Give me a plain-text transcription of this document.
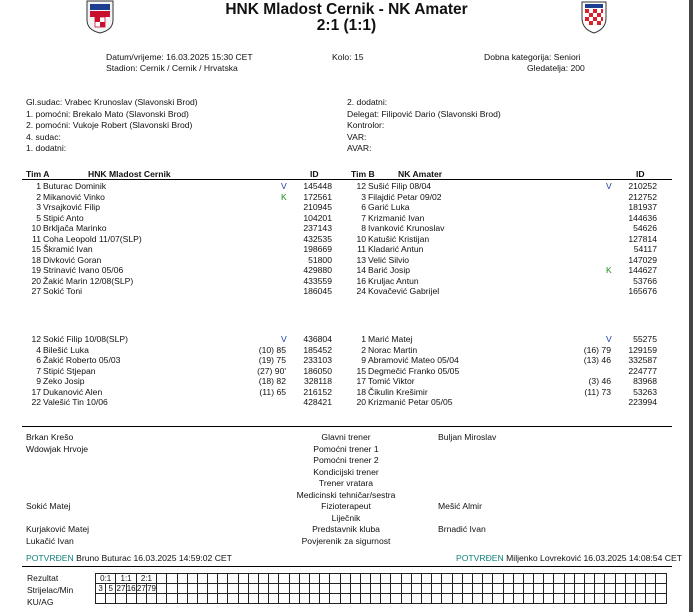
HNK Mladost Cernik - NK Amater
2:1 (1:1)
Datum/vrijeme: 16.03.2025 15:30 CET
Stadion: Cernik / Cernik / Hrvatska
Kolo: 15	Dobna kategorija: Seniori
Gledatelja: 200
Gl.sudac: Vrabec Krunoslav (Slavonski Brod)
1. pomoćni: Brekalo Mato (Slavonski Brod)
2. pomoćni: Vukoje Robert (Slavonski Brod)
4. sudac:
1. dodatni:
2. dodatni:
Delegat: Filipović Dario (Slavonski Brod)
Kontrolor:
VAR:
AVAR:
Tim A	HNK Mladost Cernik	ID	Tim B	NK Amater	ID
1 Buturac Dominik	V	145448
2 Mikanović Vinko	K	172561
3 Vrsajković Filip	210945
5 Stipić Anto	104201
10 Brkljača Marinko	237143
11 Coha Leopold 11/07(SLP)	432535
15 Škramić Ivan	198669
18 Divković Goran	51800
19 Strinavić Ivano 05/06	429880
20 Žakić Marin 12/08(SLP)	433559
27 Sokić Toni	186045
12 Sušić Filip 08/04	V	210252
3 Filajdić Petar 09/02	212752
6 Garić Luka	181937
7 Krizmanić Ivan	144636
8 Ivanković Krunoslav	54626
10 Katušić Kristijan	127814
11 Kladarić Antun	54117
13 Velić Silvio	147029
14 Barić Josip	K	144627
16 Kruljac Antun	53766
24 Kovačević Gabrijel	165676
12 Sokić Filip 10/08(SLP)	V	436804
4 Bilešić Luka	(10) 85	185452
6 Žakić Roberto 05/03	(19) 75	233103
7 Stipić Stjepan	(27) 90'	186050
9 Zeko Josip	(18) 82	328118
17 Dukanović Alen	(11) 65	216152
22 Valešić Tin 10/06	428421
1 Marić Matej	V	55275
2 Norac Martin	(16) 79	129159
9 Abramović Mateo 05/04	(13) 46	332587
15 Degmečić Franko 05/05	224777
17 Tomić Viktor	(3) 46	83968
18 Čikulin Krešimir	(11) 73	53263
20 Krizmanić Petar 05/05	223994
Brkan Krešo	Glavni trener	Buljan Miroslav
Wdowjak Hrvoje	Pomoćni trener 1
Pomoćni trener 2
Kondicijski trener
Trener vratara
Medicinski tehničar/sestra
Sokić Matej	Fizioterapeut	Mešić Almir
Liječnik
Kurjaković Matej	Predstavnik kluba	Brnadić Ivan
Lukačić Ivan	Povjerenik za sigurnost
POTVRĐEN Bruno Buturac 16.03.2025 14:59:02 CET	POTVRĐEN Miljenko Lovreković 16.03.2025 14:08:54 CET
Rezultat
Strijelac/Min
KU/AG
0:1		1:1		2:1																																																			
3	5	27	16	27	79																																																		
